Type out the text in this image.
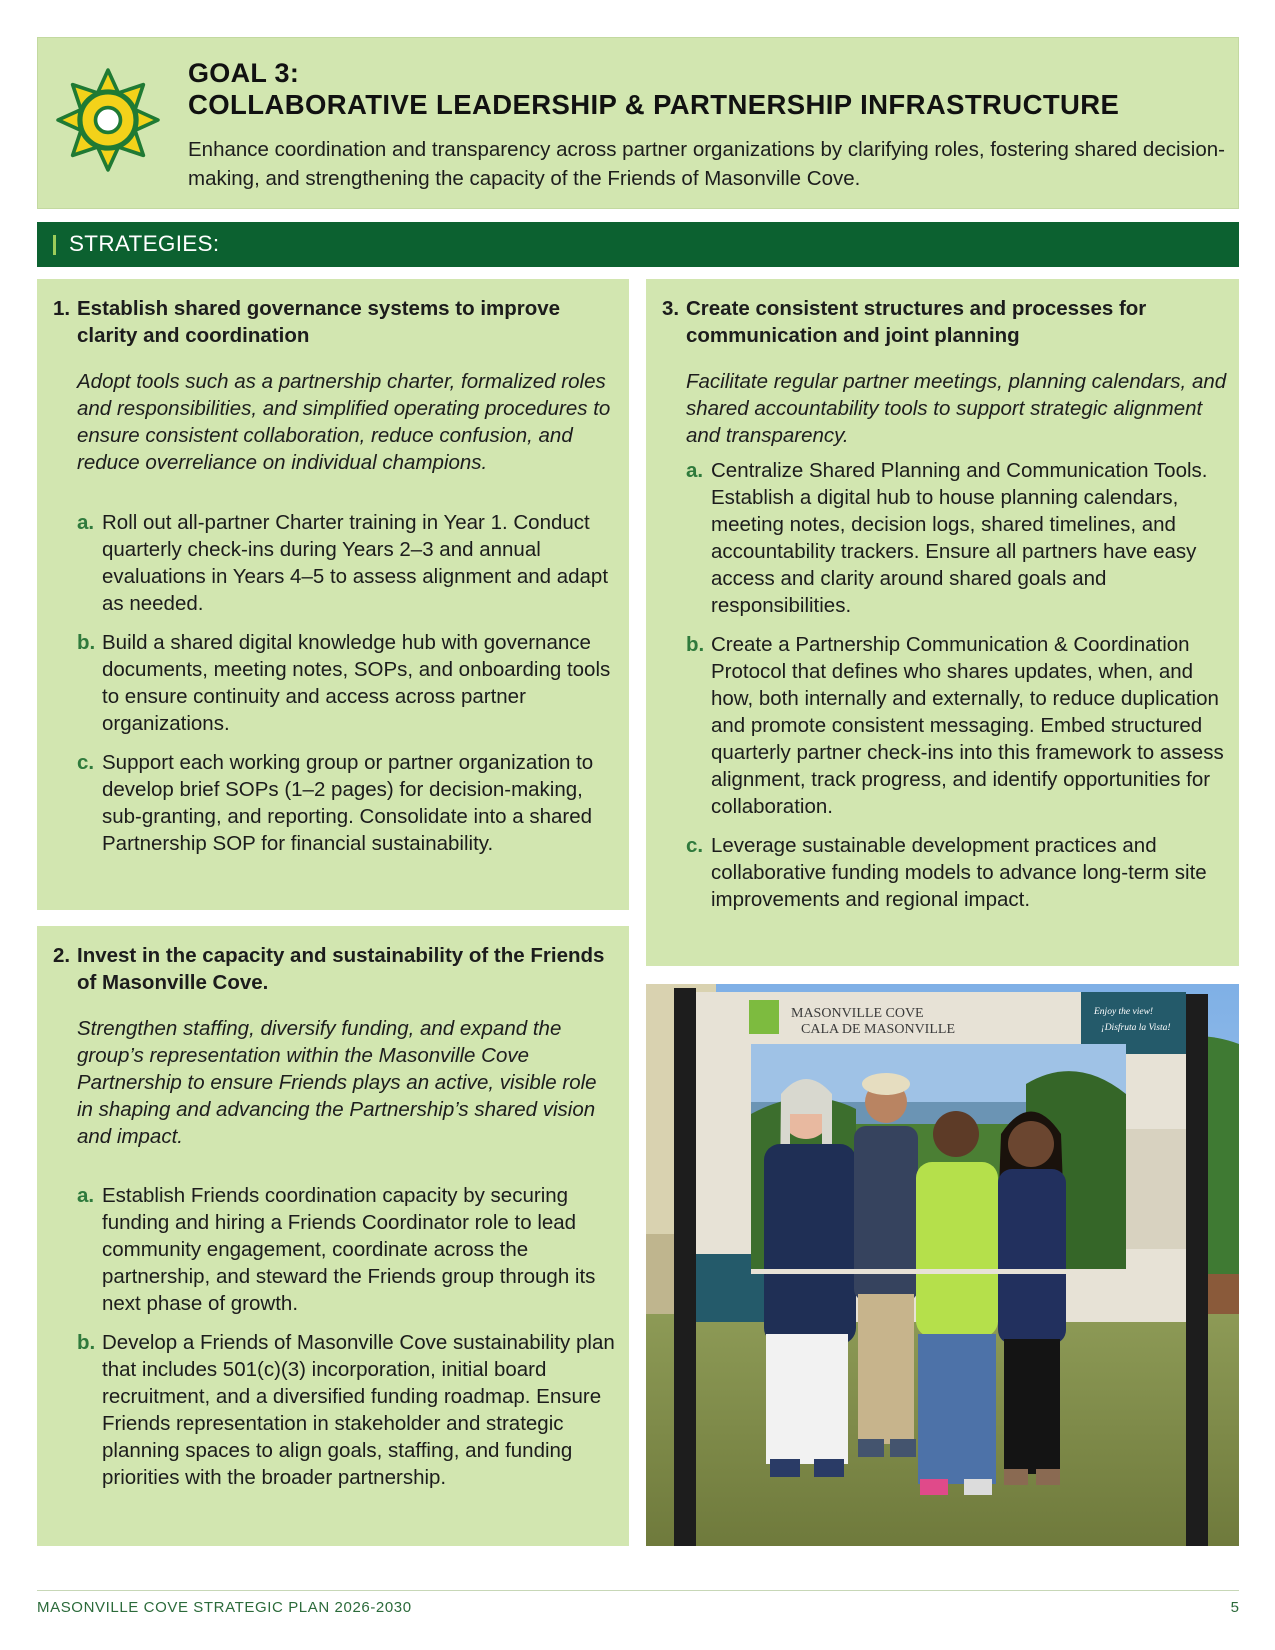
GOAL 3:
COLLABORATIVE LEADERSHIP & PARTNERSHIP INFRASTRUCTURE
Enhance coordination and transparency across partner organizations by clarifying roles, fostering shared decision-making, and strengthening the capacity of the Friends of Masonville Cove.
STRATEGIES:
1. Establish shared governance systems to improve clarity and coordination
Adopt tools such as a partnership charter, formalized roles and responsibilities, and simplified operating procedures to ensure consistent collaboration, reduce confusion, and reduce overreliance on individual champions.
a. Roll out all-partner Charter training in Year 1. Conduct quarterly check-ins during Years 2–3 and annual evaluations in Years 4–5 to assess alignment and adapt as needed.
b. Build a shared digital knowledge hub with governance documents, meeting notes, SOPs, and onboarding tools to ensure continuity and access across partner organizations.
c. Support each working group or partner organization to develop brief SOPs (1–2 pages) for decision-making, sub-granting, and reporting. Consolidate into a shared Partnership SOP for financial sustainability.
2. Invest in the capacity and sustainability of the Friends of Masonville Cove.
Strengthen staffing, diversify funding, and expand the group’s representation within the Masonville Cove Partnership to ensure Friends plays an active, visible role in shaping and advancing the Partnership’s shared vision and impact.
a. Establish Friends coordination capacity by securing funding and hiring a Friends Coordinator role to lead community engagement, coordinate across the partnership, and steward the Friends group through its next phase of growth.
b. Develop a Friends of Masonville Cove sustainability plan that includes 501(c)(3) incorporation, initial board recruitment, and a diversified funding roadmap. Ensure Friends representation in stakeholder and strategic planning spaces to align goals, staffing, and funding priorities with the broader partnership.
3. Create consistent structures and processes for communication and joint planning
Facilitate regular partner meetings, planning calendars, and shared accountability tools to support strategic alignment and transparency.
a. Centralize Shared Planning and Communication Tools. Establish a digital hub to house planning calendars, meeting notes, decision logs, shared timelines, and accountability trackers. Ensure all partners have easy access and clarity around shared goals and responsibilities.
b. Create a Partnership Communication & Coordination Protocol that defines who shares updates, when, and how, both internally and externally, to reduce duplication and promote consistent messaging. Embed structured quarterly partner check-ins into this framework to assess alignment, track progress, and identify opportunities for collaboration.
c. Leverage sustainable development practices and collaborative funding models to advance long-term site improvements and regional impact.
MASONVILLE COVE
CALA DE MASONVILLE
Enjoy the view!
¡Disfruta la Vista!
MASONVILLE COVE STRATEGIC PLAN 2026-2030	5
